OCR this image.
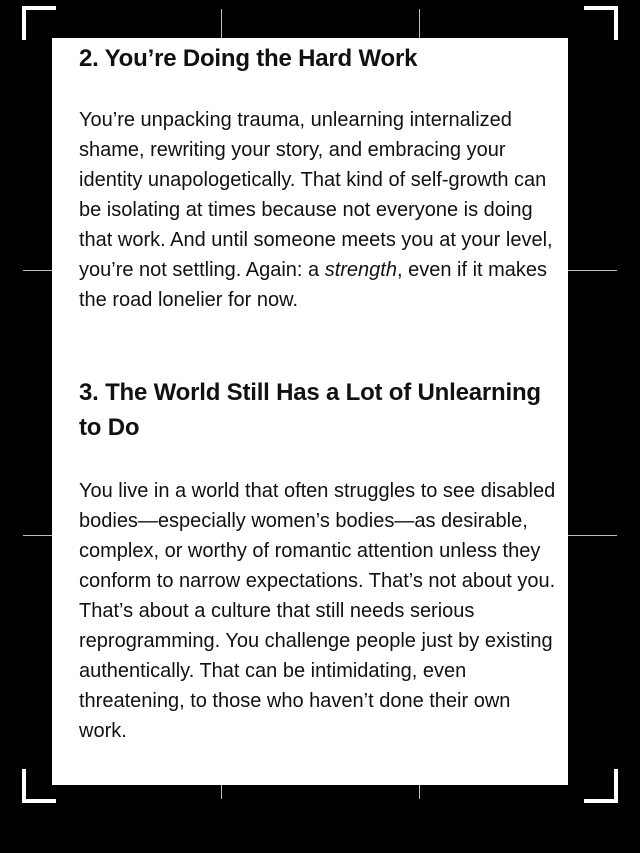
2. You’re Doing the Hard Work

You’re unpacking trauma, unlearning internalized shame, rewriting your story, and embracing your identity unapologetically. That kind of self-growth can be isolating at times because not everyone is doing that work. And until someone meets you at your level, you’re not settling. Again: a strength, even if it makes the road lonelier for now.

3. The World Still Has a Lot of Unlearning to Do

You live in a world that often struggles to see disabled bodies—especially women’s bodies—as desirable, complex, or worthy of romantic attention unless they conform to narrow expectations. That’s not about you. That’s about a culture that still needs serious reprogramming. You challenge people just by existing authentically. That can be intimidating, even threatening, to those who haven’t done their own work.
